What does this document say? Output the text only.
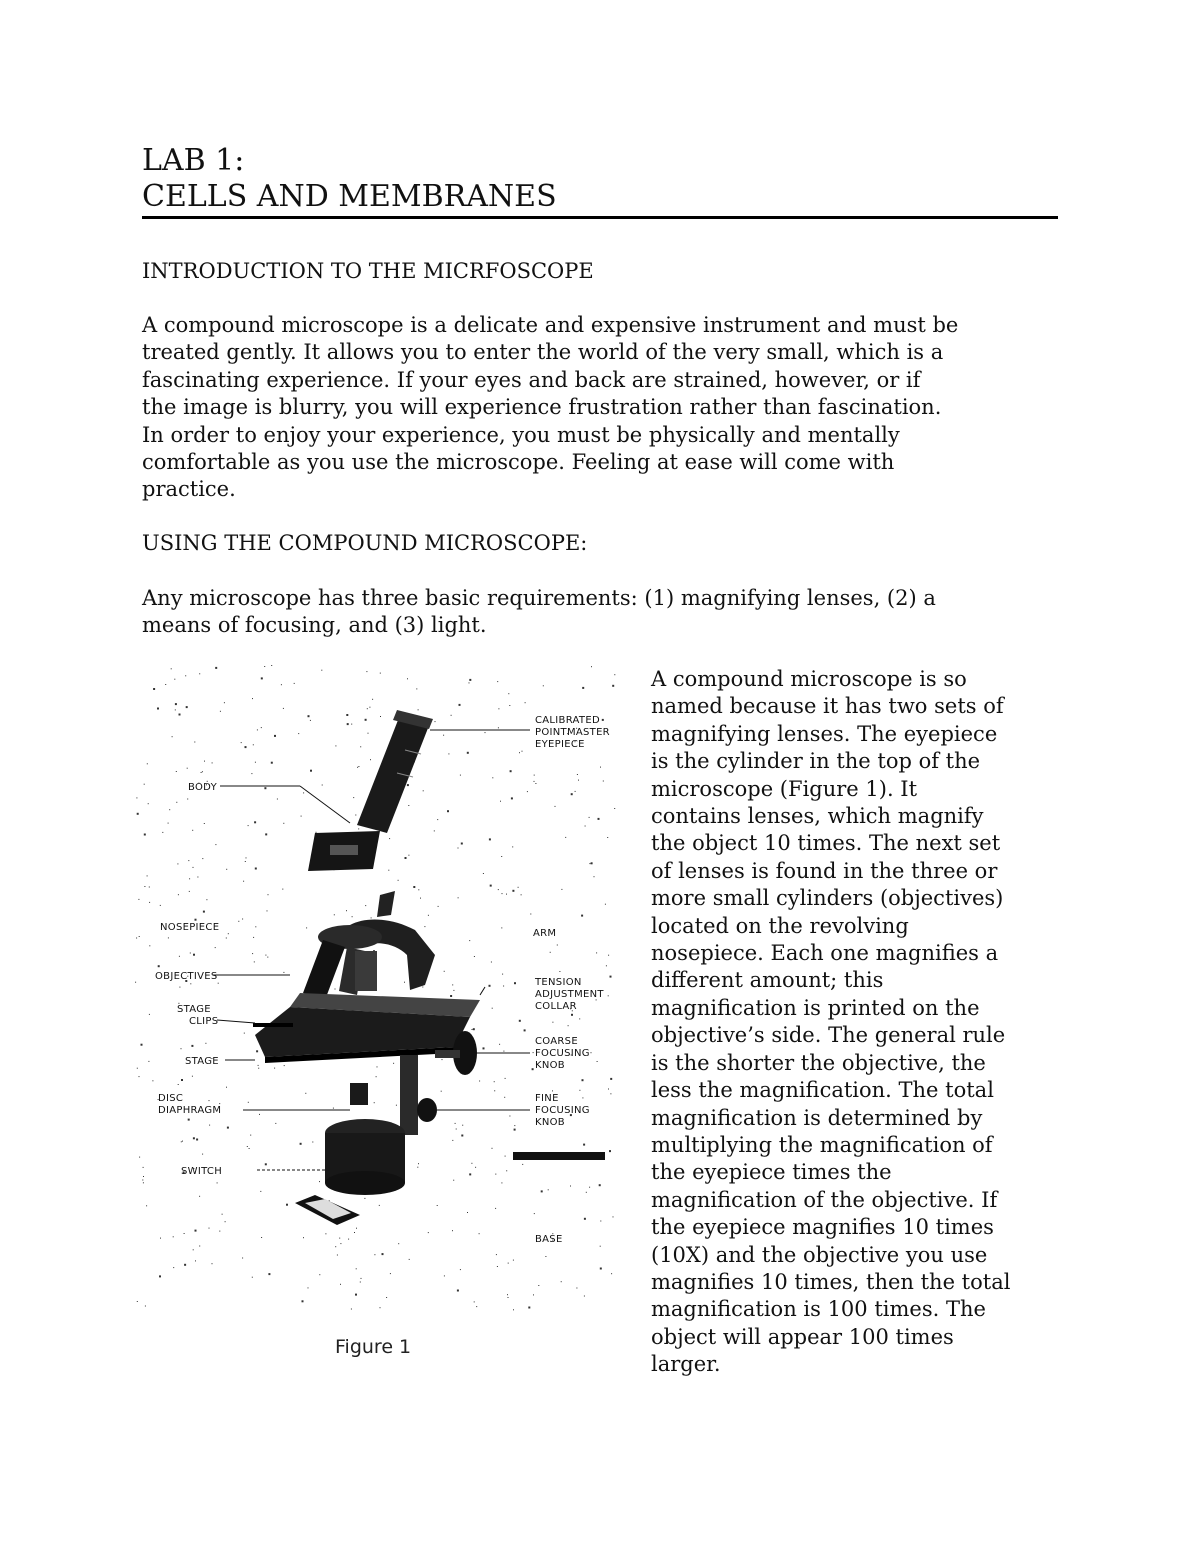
LAB 1:
CELLS AND MEMBRANES
INTRODUCTION TO THE MICRFOSCOPE

A compound microscope is a delicate and expensive instrument and must be
treated gently. It allows you to enter the world of the very small, which is a
fascinating experience. If your eyes and back are strained, however, or if
the image is blurry, you will experience frustration rather than fascination.
In order to enjoy your experience, you must be physically and mentally
comfortable as you use the microscope. Feeling at ease will come with
practice.

USING THE COMPOUND MICROSCOPE:

Any microscope has three basic requirements: (1) magnifying lenses, (2) a
means of focusing, and (3) light.

CALIBRATED
POINTMASTER
EYEPIECE
BODY
NOSEPIECE
ARM
OBJECTIVES
TENSION
ADJUSTMENT
COLLAR
STAGE
CLIPS
COARSE
FOCUSING
KNOB
STAGE
DISC
DIAPHRAGM
FINE
FOCUSING
KNOB
SWITCH
BASE
Figure 1

A compound microscope is so
named because it has two sets of
magnifying lenses. The eyepiece
is the cylinder in the top of the
microscope (Figure 1). It
contains lenses, which magnify
the object 10 times. The next set
of lenses is found in the three or
more small cylinders (objectives)
located on the revolving
nosepiece. Each one magnifies a
different amount; this
magnification is printed on the
objective’s side. The general rule
is the shorter the objective, the
less the magnification. The total
magnification is determined by
multiplying the magnification of
the eyepiece times the
magnification of the objective. If
the eyepiece magnifies 10 times
(10X) and the objective you use
magnifies 10 times, then the total
magnification is 100 times. The
object will appear 100 times
larger.
